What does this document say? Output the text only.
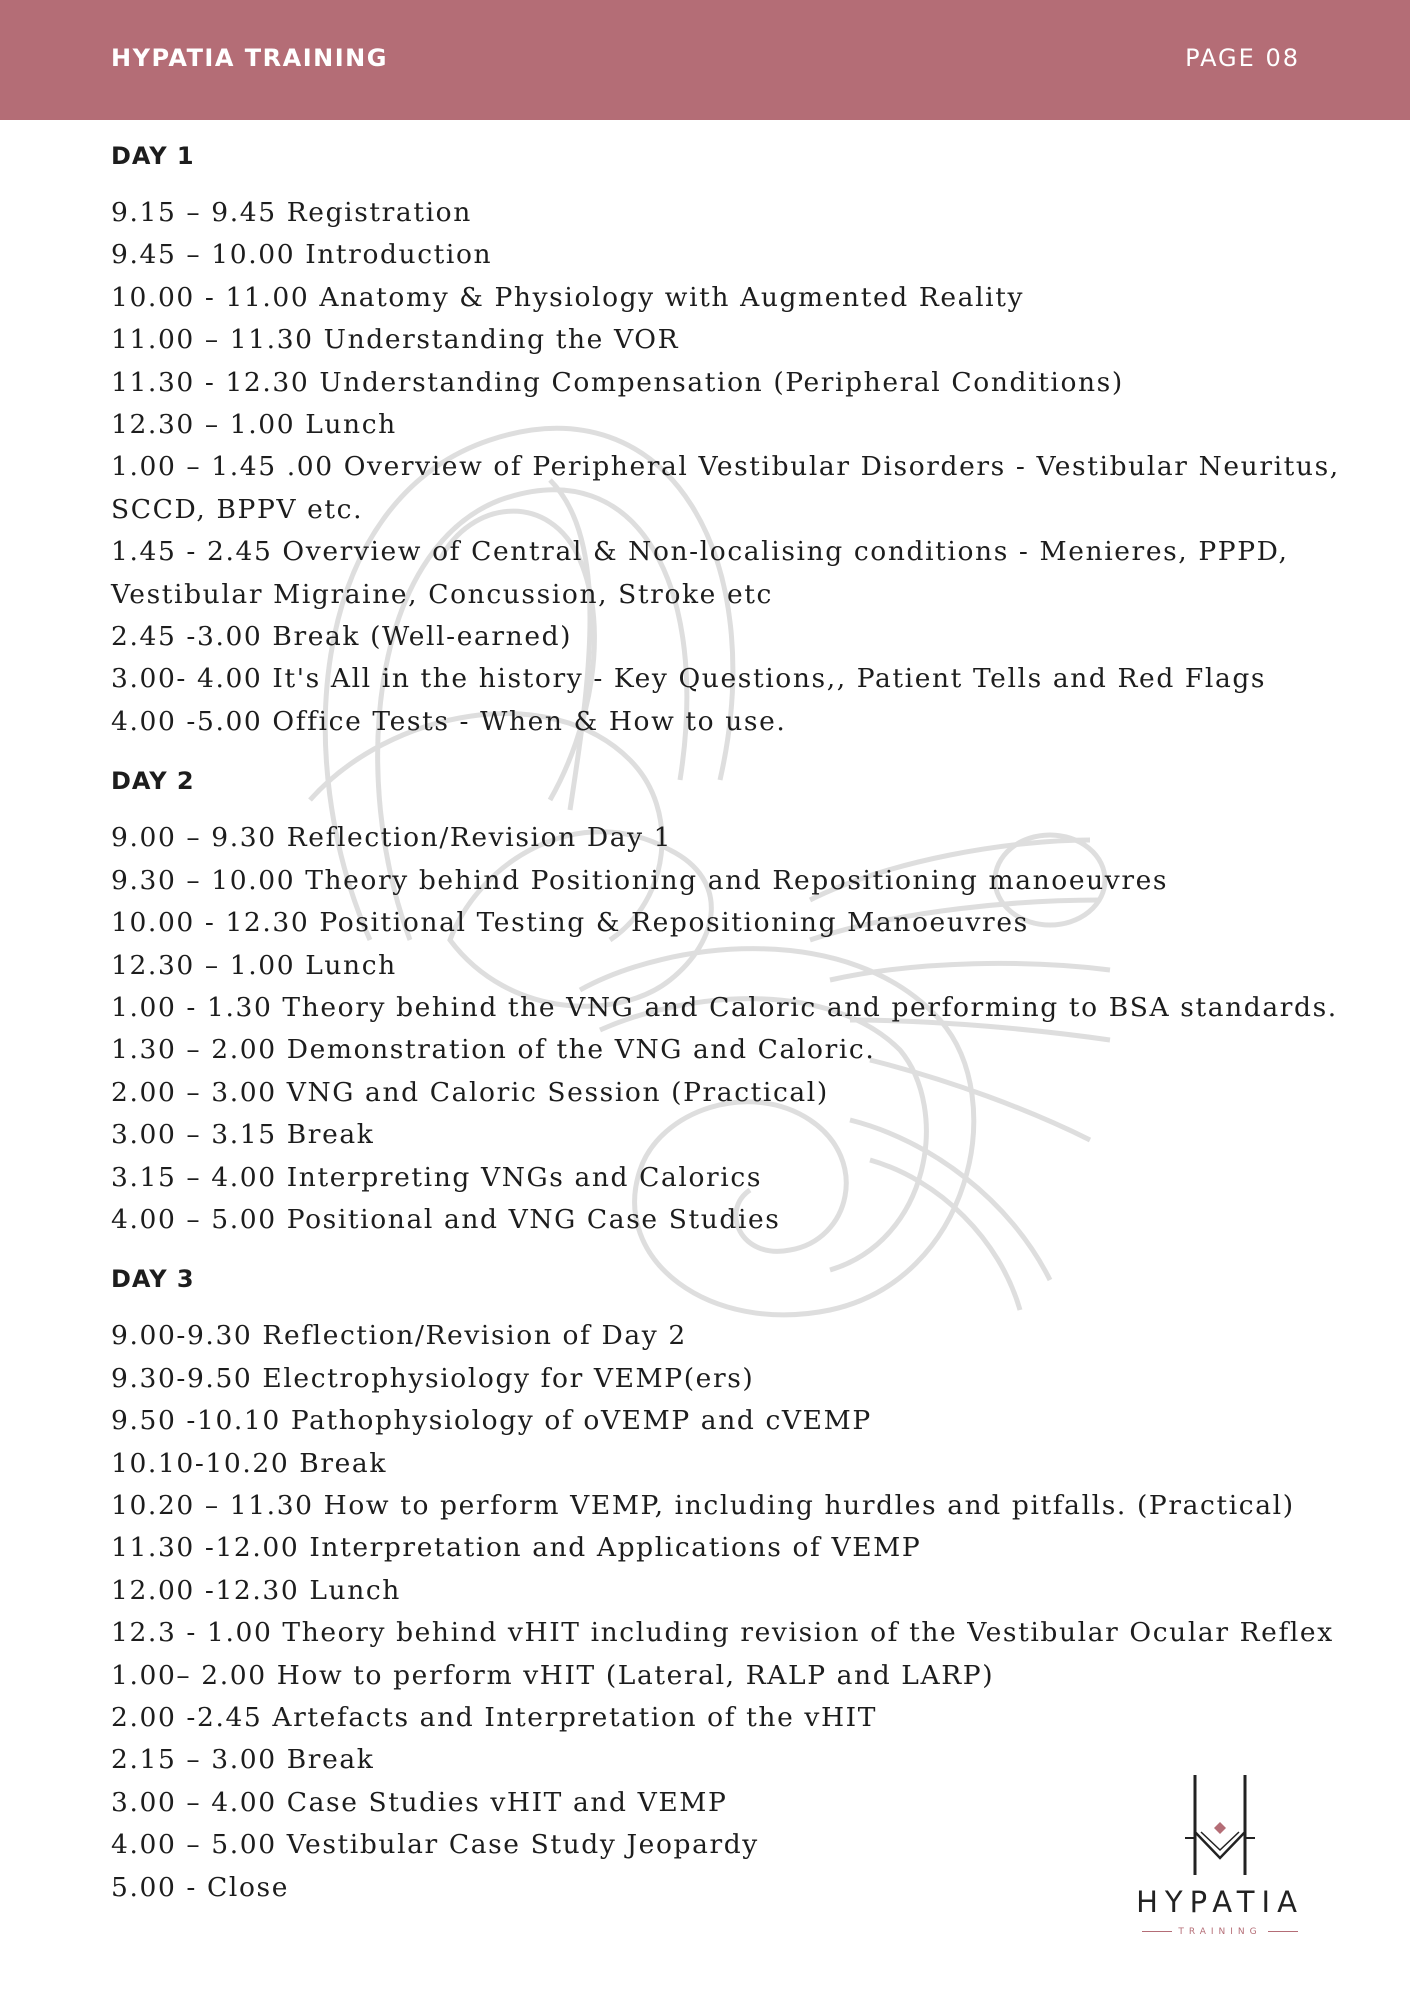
HYPATIA TRAINING	PAGE 08
DAY 1
9.15 – 9.45 Registration
9.45 – 10.00 Introduction
10.00 - 11.00 Anatomy & Physiology with Augmented Reality
11.00 – 11.30 Understanding the VOR
11.30 - 12.30 Understanding Compensation (Peripheral Conditions)
12.30 – 1.00 Lunch
1.00 – 1.45 .00 Overview of Peripheral Vestibular Disorders - Vestibular Neuritus, SCCD, BPPV etc.
1.45 - 2.45 Overview of Central & Non-localising conditions - Menieres, PPPD, Vestibular Migraine, Concussion, Stroke etc
2.45 -3.00 Break (Well-earned)
3.00- 4.00 It's All in the history - Key Questions,, Patient Tells and Red Flags
4.00 -5.00 Office Tests - When & How to use.
DAY 2
9.00 – 9.30 Reflection/Revision Day 1
9.30 – 10.00 Theory behind Positioning and Repositioning manoeuvres
10.00 - 12.30 Positional Testing & Repositioning Manoeuvres
12.30 – 1.00 Lunch
1.00 - 1.30 Theory behind the VNG and Caloric and performing to BSA standards.
1.30 – 2.00 Demonstration of the VNG and Caloric.
2.00 – 3.00 VNG and Caloric Session (Practical)
3.00 – 3.15 Break
3.15 – 4.00 Interpreting VNGs and Calorics
4.00 – 5.00 Positional and VNG Case Studies
DAY 3
9.00-9.30 Reflection/Revision of Day 2
9.30-9.50 Electrophysiology for VEMP(ers)
9.50 -10.10 Pathophysiology of oVEMP and cVEMP
10.10-10.20 Break
10.20 – 11.30 How to perform VEMP, including hurdles and pitfalls. (Practical)
11.30 -12.00 Interpretation and Applications of VEMP
12.00 -12.30 Lunch
12.3 - 1.00 Theory behind vHIT including revision of the Vestibular Ocular Reflex
1.00– 2.00 How to perform vHIT (Lateral, RALP and LARP)
2.00 -2.45 Artefacts and Interpretation of the vHIT
2.15 – 3.00 Break
3.00 – 4.00 Case Studies vHIT and VEMP
4.00 – 5.00 Vestibular Case Study Jeopardy
5.00 - Close	HYPATIA
TRAINING
